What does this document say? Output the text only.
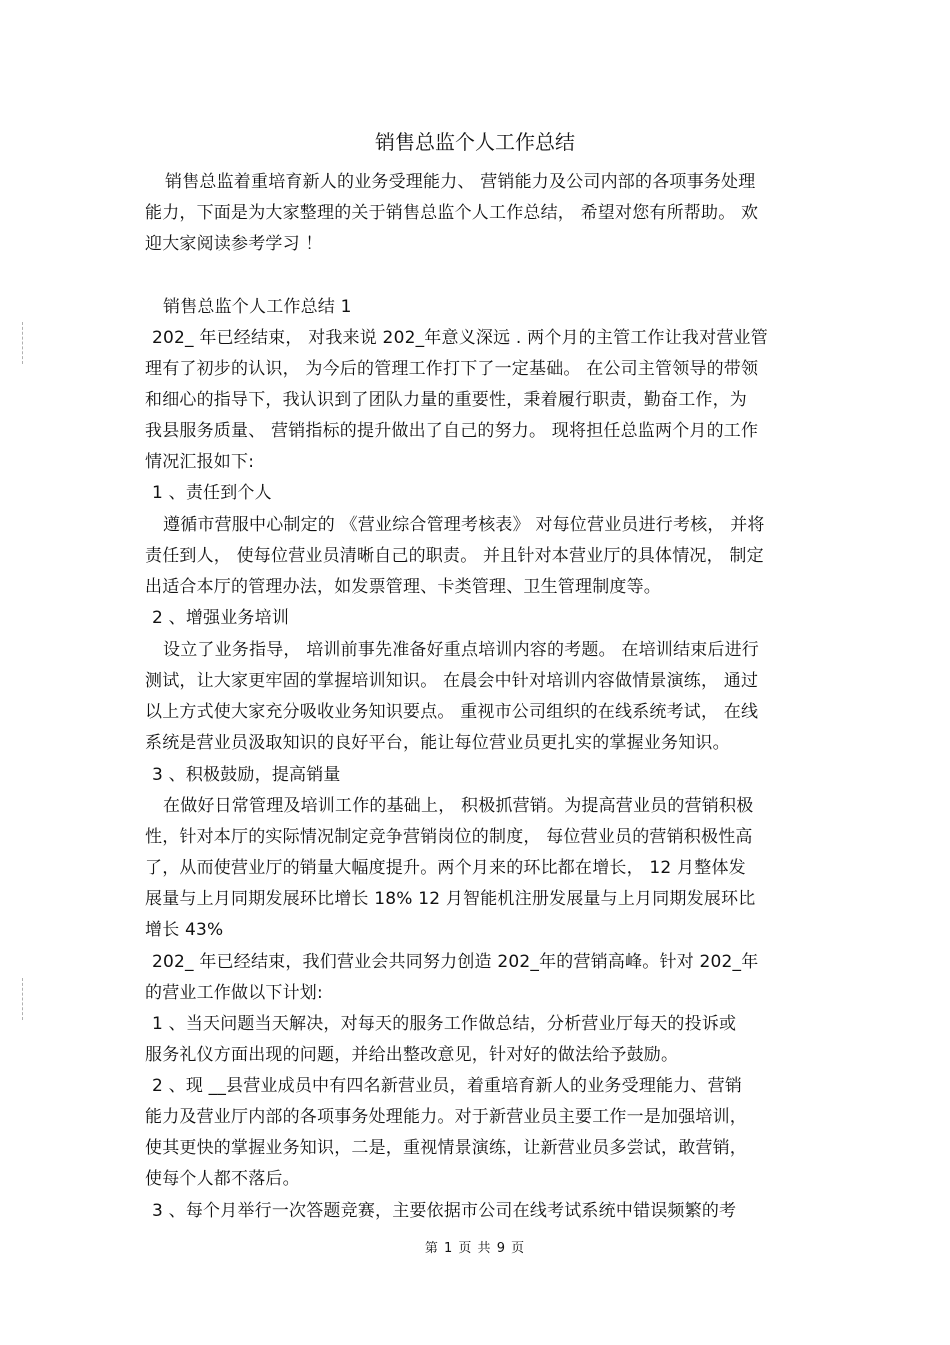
销售总监个人工作总结
销售总监着重培育新人的业务受理能力、 营销能力及公司内部的各项事务处理
能力，下面是为大家整理的关于销售总监个人工作总结， 希望对您有所帮助。 欢
迎大家阅读参考学习 ！
销售总监个人工作总结 1
202_ 年已经结束， 对我来说 202_年意义深远 . 两个月的主管工作让我对营业管
理有了初步的认识， 为今后的管理工作打下了一定基础。 在公司主管领导的带领
和细心的指导下，我认识到了团队力量的重要性，秉着履行职责，勤奋工作，为
我县服务质量、 营销指标的提升做出了自己的努力。 现将担任总监两个月的工作
情况汇报如下:
1 、责任到个人
遵循市营服中心制定的 《营业综合管理考核表》 对每位营业员进行考核， 并将
责任到人， 使每位营业员清晰自己的职责。 并且针对本营业厅的具体情况， 制定
出适合本厅的管理办法，如发票管理、卡类管理、卫生管理制度等。
2 、增强业务培训
设立了业务指导， 培训前事先准备好重点培训内容的考题。 在培训结束后进行
测试，让大家更牢固的掌握培训知识。 在晨会中针对培训内容做情景演练， 通过
以上方式使大家充分吸收业务知识要点。 重视市公司组织的在线系统考试， 在线
系统是营业员汲取知识的良好平台，能让每位营业员更扎实的掌握业务知识。
3 、积极鼓励，提高销量
在做好日常管理及培训工作的基础上， 积极抓营销。为提高营业员的营销积极
性，针对本厅的实际情况制定竞争营销岗位的制度， 每位营业员的营销积极性高
了，从而使营业厅的销量大幅度提升。两个月来的环比都在增长， 12 月整体发
展量与上月同期发展环比增长 18% 12 月智能机注册发展量与上月同期发展环比
增长 43%
202_ 年已经结束，我们营业会共同努力创造 202_年的营销高峰。针对 202_年
的营业工作做以下计划:
1 、当天问题当天解决，对每天的服务工作做总结，分析营业厅每天的投诉或
服务礼仪方面出现的问题，并给出整改意见，针对好的做法给予鼓励。
2 、现 __县营业成员中有四名新营业员，着重培育新人的业务受理能力、营销
能力及营业厅内部的各项事务处理能力。对于新营业员主要工作一是加强培训，
使其更快的掌握业务知识，二是，重视情景演练，让新营业员多尝试，敢营销，
使每个人都不落后。
3 、每个月举行一次答题竞赛，主要依据市公司在线考试系统中错误频繁的考
第 1 页 共 9 页
